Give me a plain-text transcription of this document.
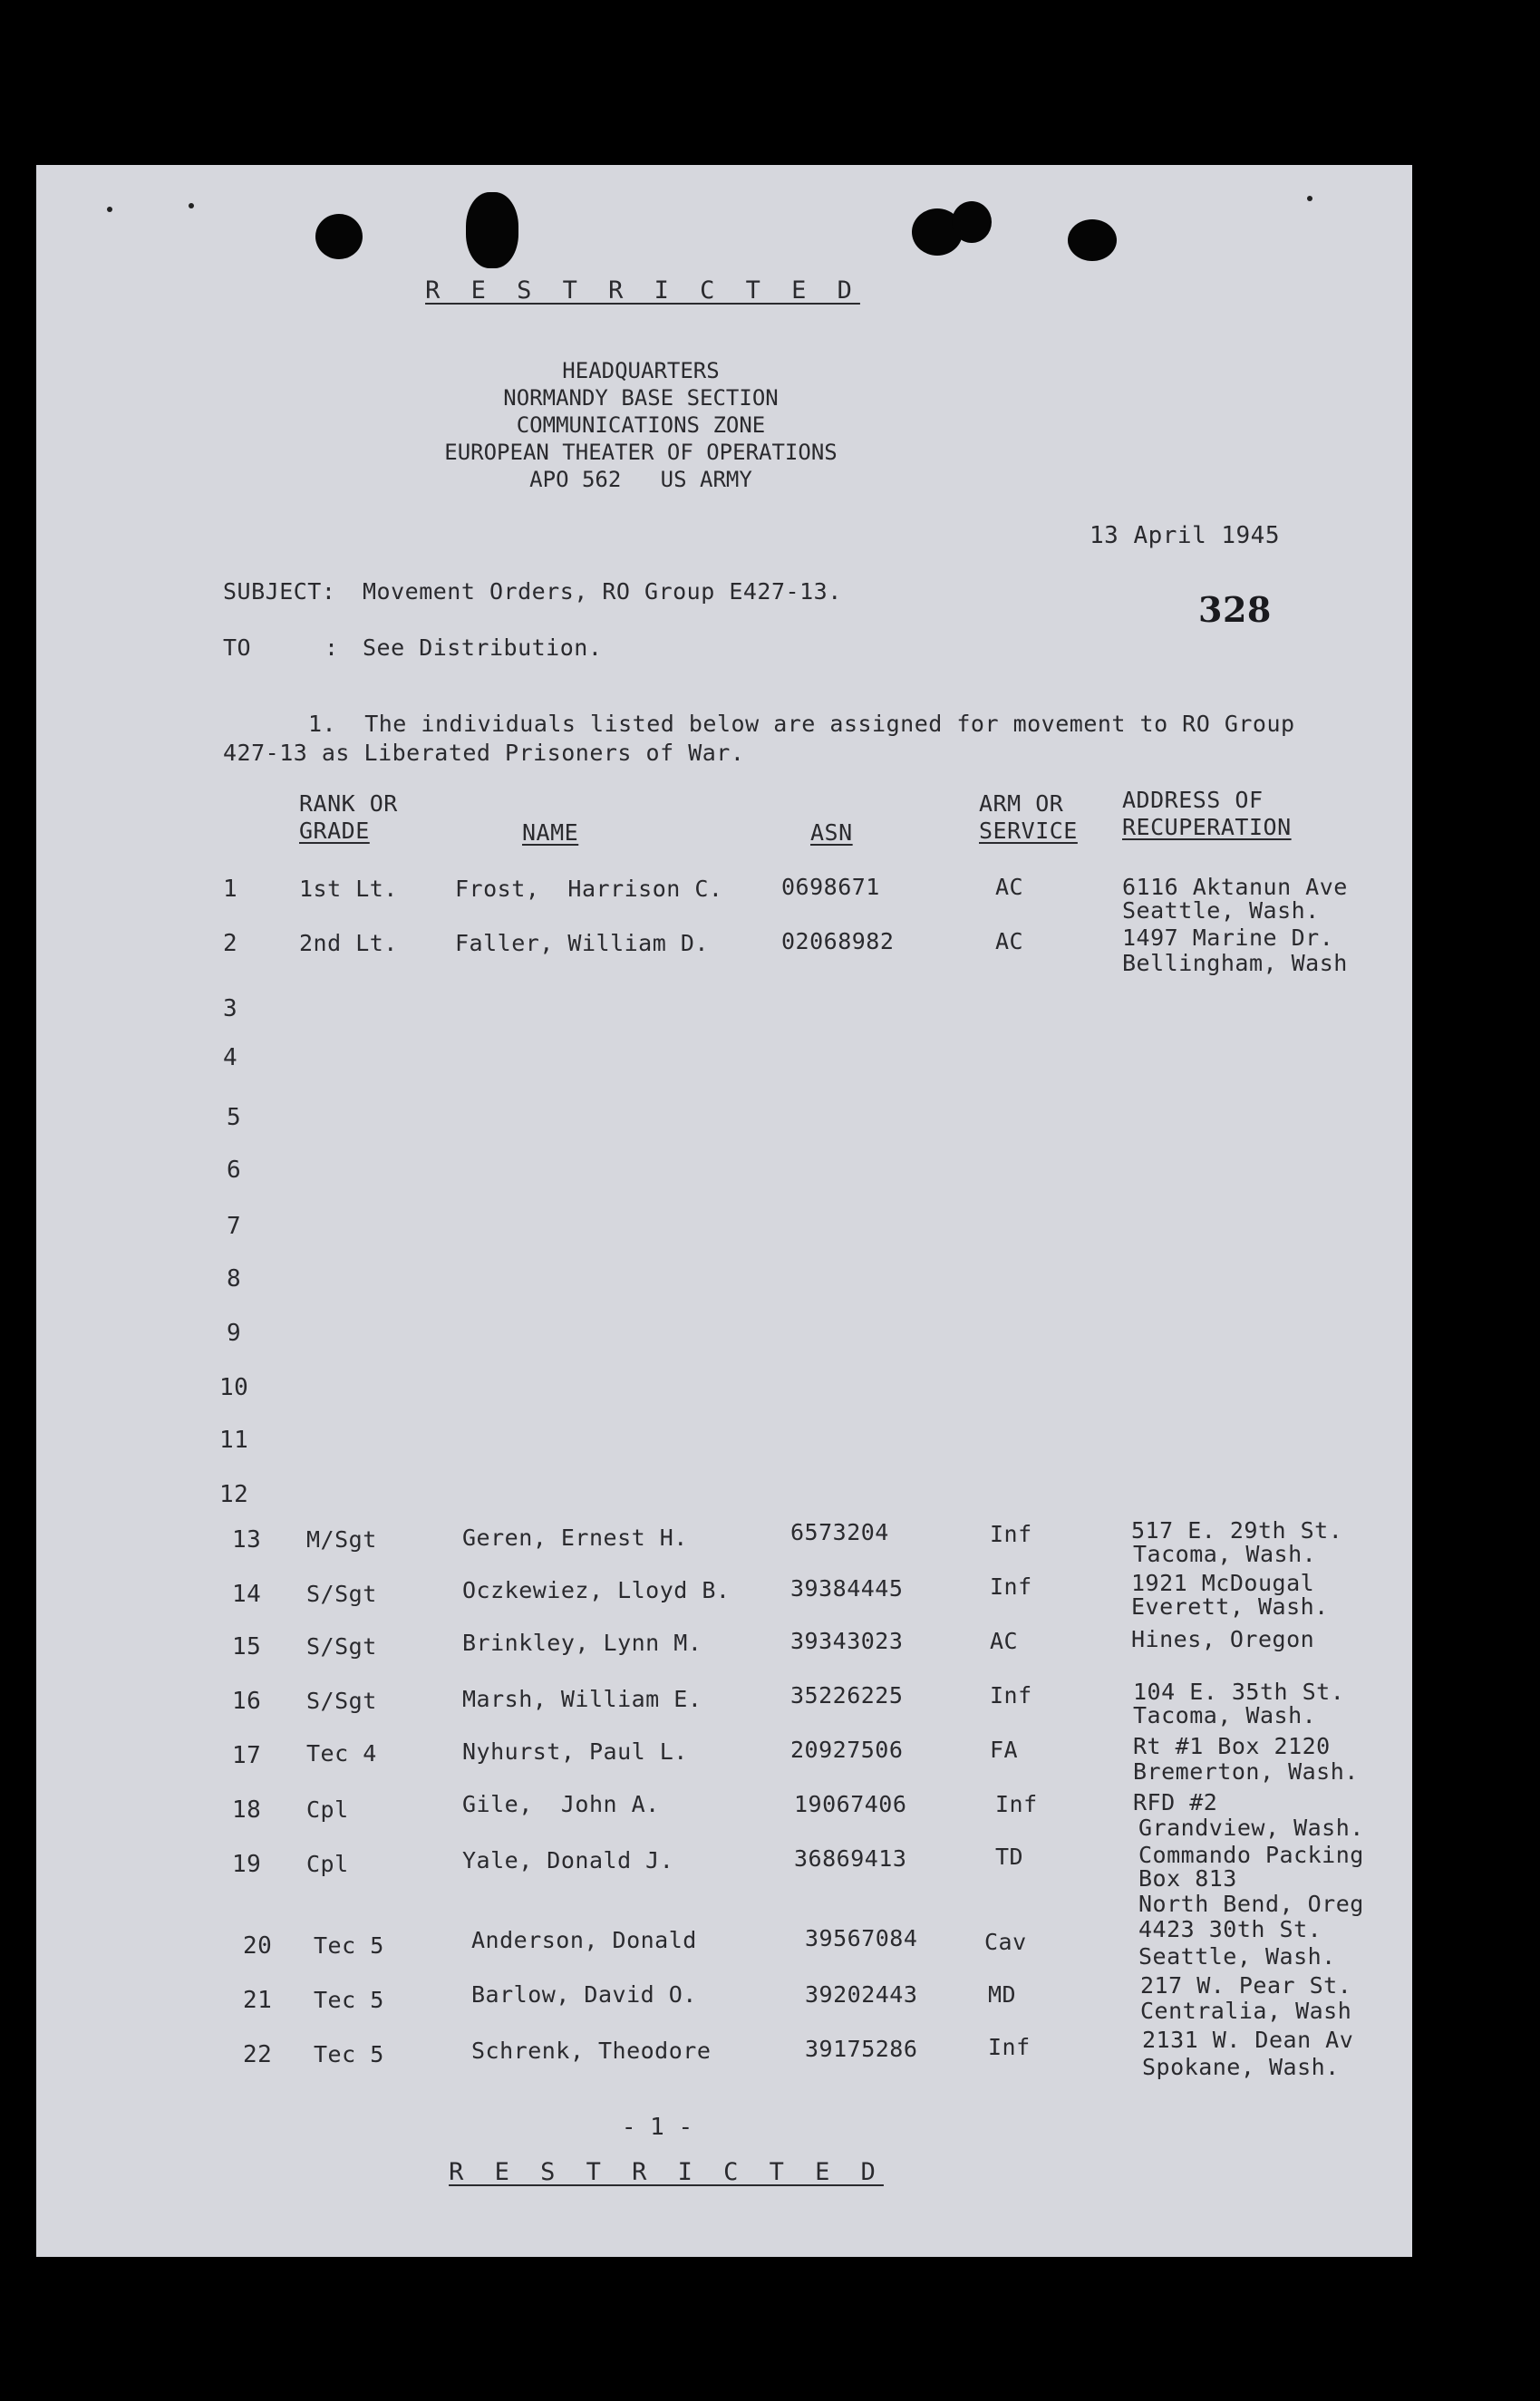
R E S T R I C T E D
HEADQUARTERS
NORMANDY BASE SECTION
COMMUNICATIONS ZONE
EUROPEAN THEATER OF OPERATIONS
APO 562   US ARMY
13 April 1945
328
SUBJECT: Movement Orders, RO Group E427-13.
TO	: See Distribution.
1.  The individuals listed below are assigned for movement to RO Group
427-13 as Liberated Prisoners of War.
RANK OR
GRADE	NAME	ASN
ARM OR
SERVICE
ADDRESS OF
RECUPERATION
1	1st Lt.	Frost,  Harrison C.	0698671	AC	6116 Aktanun Ave
Seattle, Wash.
2	2nd Lt.	Faller, William D.	02068982	AC	1497 Marine Dr.
Bellingham, Wash
3
4
5
6
7
8
9
10
11
12
13 M/Sgt	Geren, Ernest H.	6573204	Inf	517 E. 29th St.
Tacoma, Wash.
14 S/Sgt	Oczkewiez, Lloyd B.	39384445	Inf	1921 McDougal
Everett, Wash.
15 S/Sgt	Brinkley, Lynn M.	39343023	AC	Hines, Oregon
16 S/Sgt	Marsh, William E.	35226225	Inf	104 E. 35th St.
Tacoma, Wash.
17 Tec 4	Nyhurst, Paul L.	20927506	FA	Rt #1 Box 2120
Bremerton, Wash.
18 Cpl	Gile,  John A.	19067406	Inf	RFD #2
Grandview, Wash.
19 Cpl	Yale, Donald J.	36869413	TD	Commando Packing
Box 813
North Bend, Oreg
20 Tec 5	Anderson, Donald	39567084	Cav	4423 30th St.
Seattle, Wash.
21 Tec 5	Barlow, David O.	39202443	MD	217 W. Pear St.
Centralia, Wash
22 Tec 5	Schrenk, Theodore	39175286	Inf	2131 W. Dean Av
Spokane, Wash.
- 1 -
R E S T R I C T E D
